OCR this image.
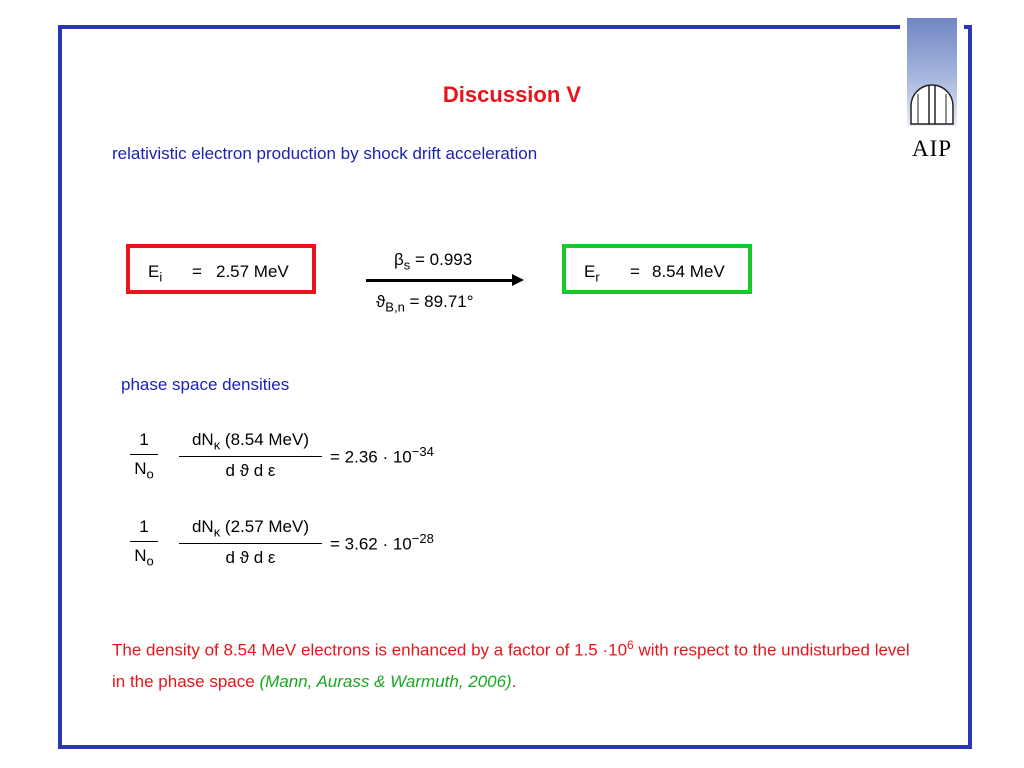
AIP
Discussion V
relativistic electron production by shock drift acceleration
$E_i = 2.57$ MeV
$\beta_s = 0.993$
$ϑ_{B,n} = 89.71^\circ$
$E_r = 8.54$ MeV
phase space densities
1
$N_o$
$dN_\kappa$ (8.54 MeV)
d ϑ d ε
= $2.36 \cdot 10^{-34}$
1
$N_o$
$dN_\kappa$ (2.57 MeV)
d ϑ d ε
= $3.62 \cdot 10^{-28}$
The density of 8.54 MeV electrons is enhanced by a factor of $1.5 \cdot 10^6$ with respect to the undisturbed level in the phase space (Mann, Aurass & Warmuth, 2006).
